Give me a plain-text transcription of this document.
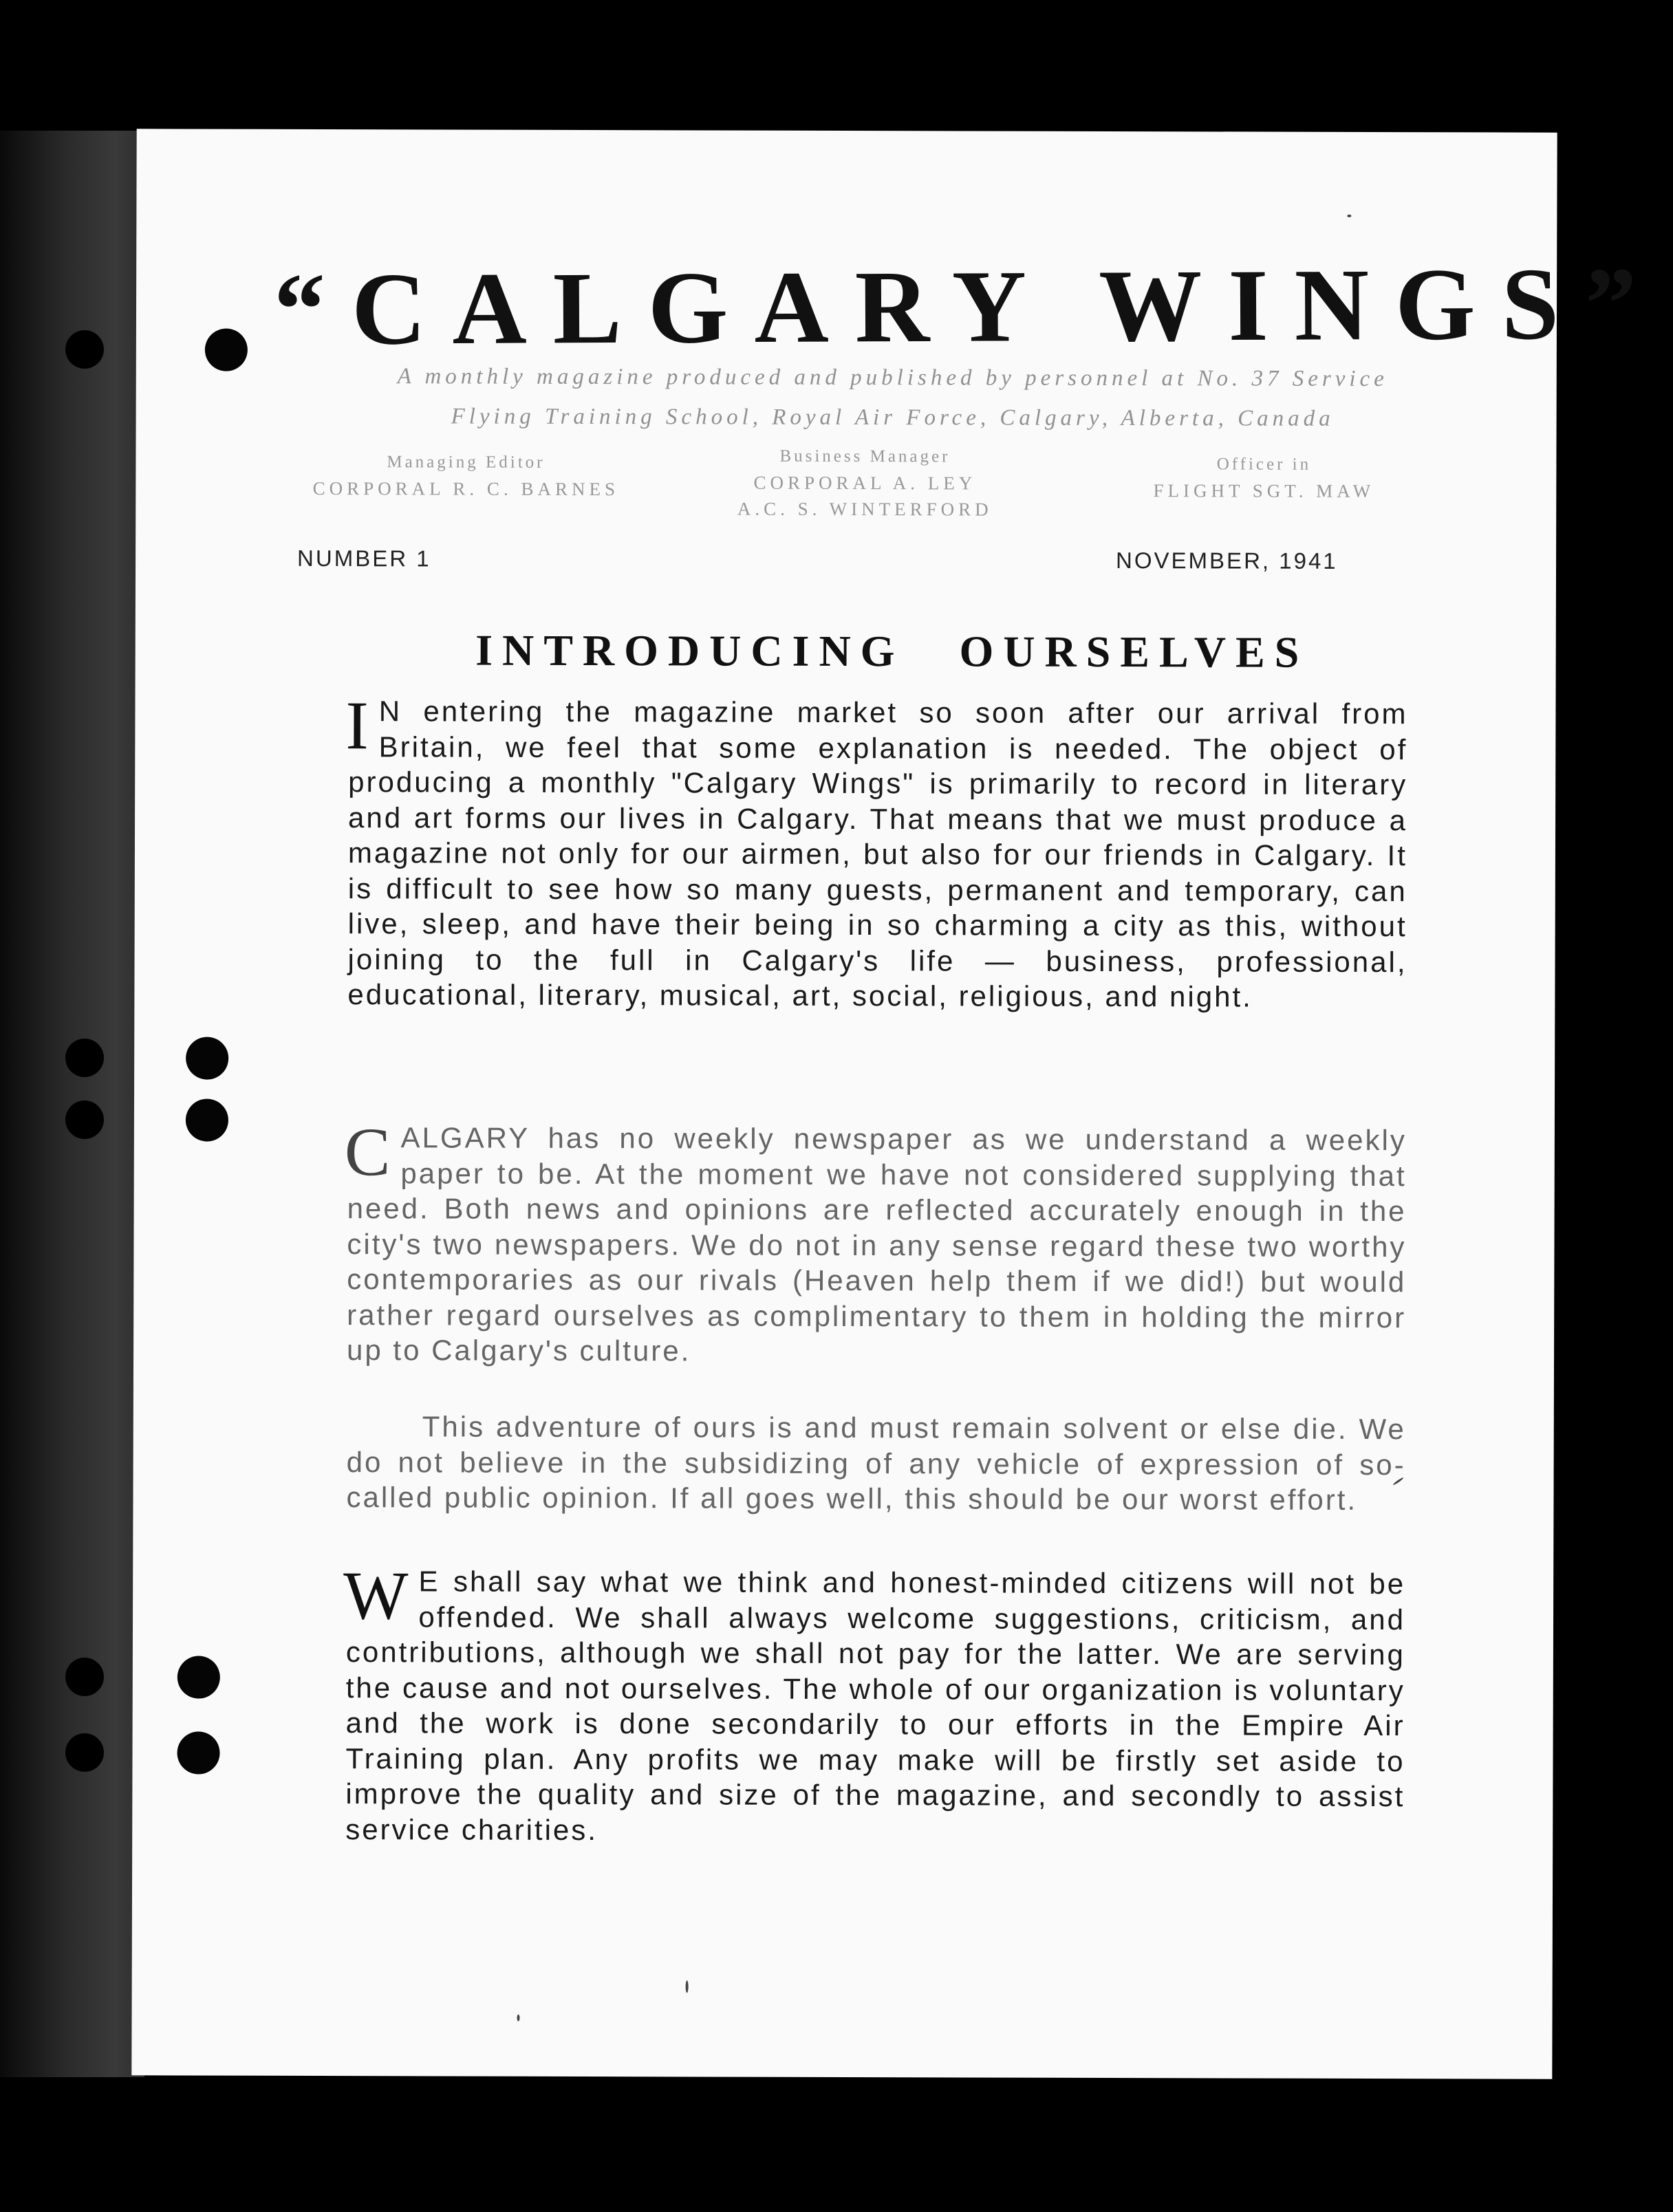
“CALGARY WINGS”
A monthly magazine produced and published by personnel at No. 37 Service
Flying Training School, Royal Air Force, Calgary, Alberta, Canada
Managing Editor
CORPORAL R. C. BARNES
Business Manager
CORPORAL A. LEY
A.C. S. WINTERFORD
Officer in
FLIGHT SGT. MAW
NUMBER 1	NOVEMBER, 1941
INTRODUCING OURSELVES

I N entering the magazine market so soon after our arrival from Britain, we feel that some explanation is needed. The object of producing a monthly "Calgary Wings" is primarily to record in literary and art forms our lives in Calgary. That means that we must produce a magazine not only for our airmen, but also for our friends in Calgary. It is difficult to see how so many guests, permanent and temporary, can live, sleep, and have their being in so charming a city as this, without joining to the full in Calgary's life — business, professional, educational, literary, musical, art, social, religious, and night.

CALGARY has no weekly newspaper as we understand a weekly paper to be. At the moment we have not considered supplying that need. Both news and opinions are reflected accurately enough in the city's two newspapers. We do not in any sense regard these two worthy contemporaries as our rivals (Heaven help them if we did!) but would rather regard ourselves as complimentary to them in holding the mirror up to Calgary's culture.

This adventure of ours is and must remain solvent or else die. We do not believe in the subsidizing of any vehicle of expression of so-called public opinion. If all goes well, this should be our worst effort.

W E shall say what we think and honest-minded citizens will not be offended. We shall always welcome suggestions, criticism, and contributions, although we shall not pay for the latter. We are serving the cause and not ourselves. The whole of our organization is voluntary and the work is done secondarily to our efforts in the Empire Air Training plan. Any profits we may make will be firstly set aside to improve the quality and size of the magazine, and secondly to assist service charities.
